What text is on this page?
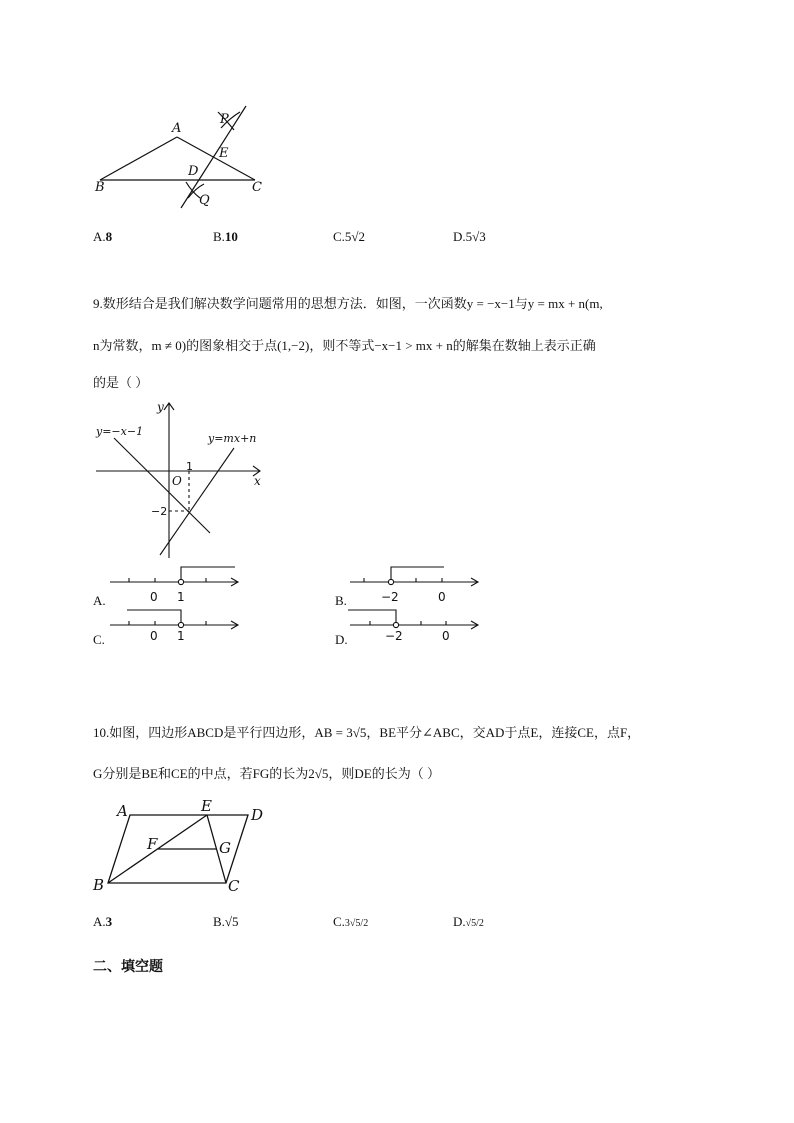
A
B	C
D
E
P
Q
A.8	B.10	C.5√2	D.5√3
9.数形结合是我们解决数学问题常用的思想方法．如图，一次函数y = −x−1与y = mx + n(m,
n为常数，m ≠ 0)的图象相交于点(1,−2)，则不等式−x−1 > mx + n的解集在数轴上表示正确
的是（ ）
y
x
O
y=−x−1
y=mx+n
1
−2
A.	0 1	B.	−2	0
C.	0 1	D.	−2	0
10.如图，四边形ABCD是平行四边形，AB = 3√5，BE平分∠ABC，交AD于点E，连接CE，点F，
G分别是BE和CE的中点，若FG的长为2√5，则DE的长为（ ）
A	E	D
F	G
B	C
A.3	B.√5	C.3√5/2	D.√5/2
二、填空题
